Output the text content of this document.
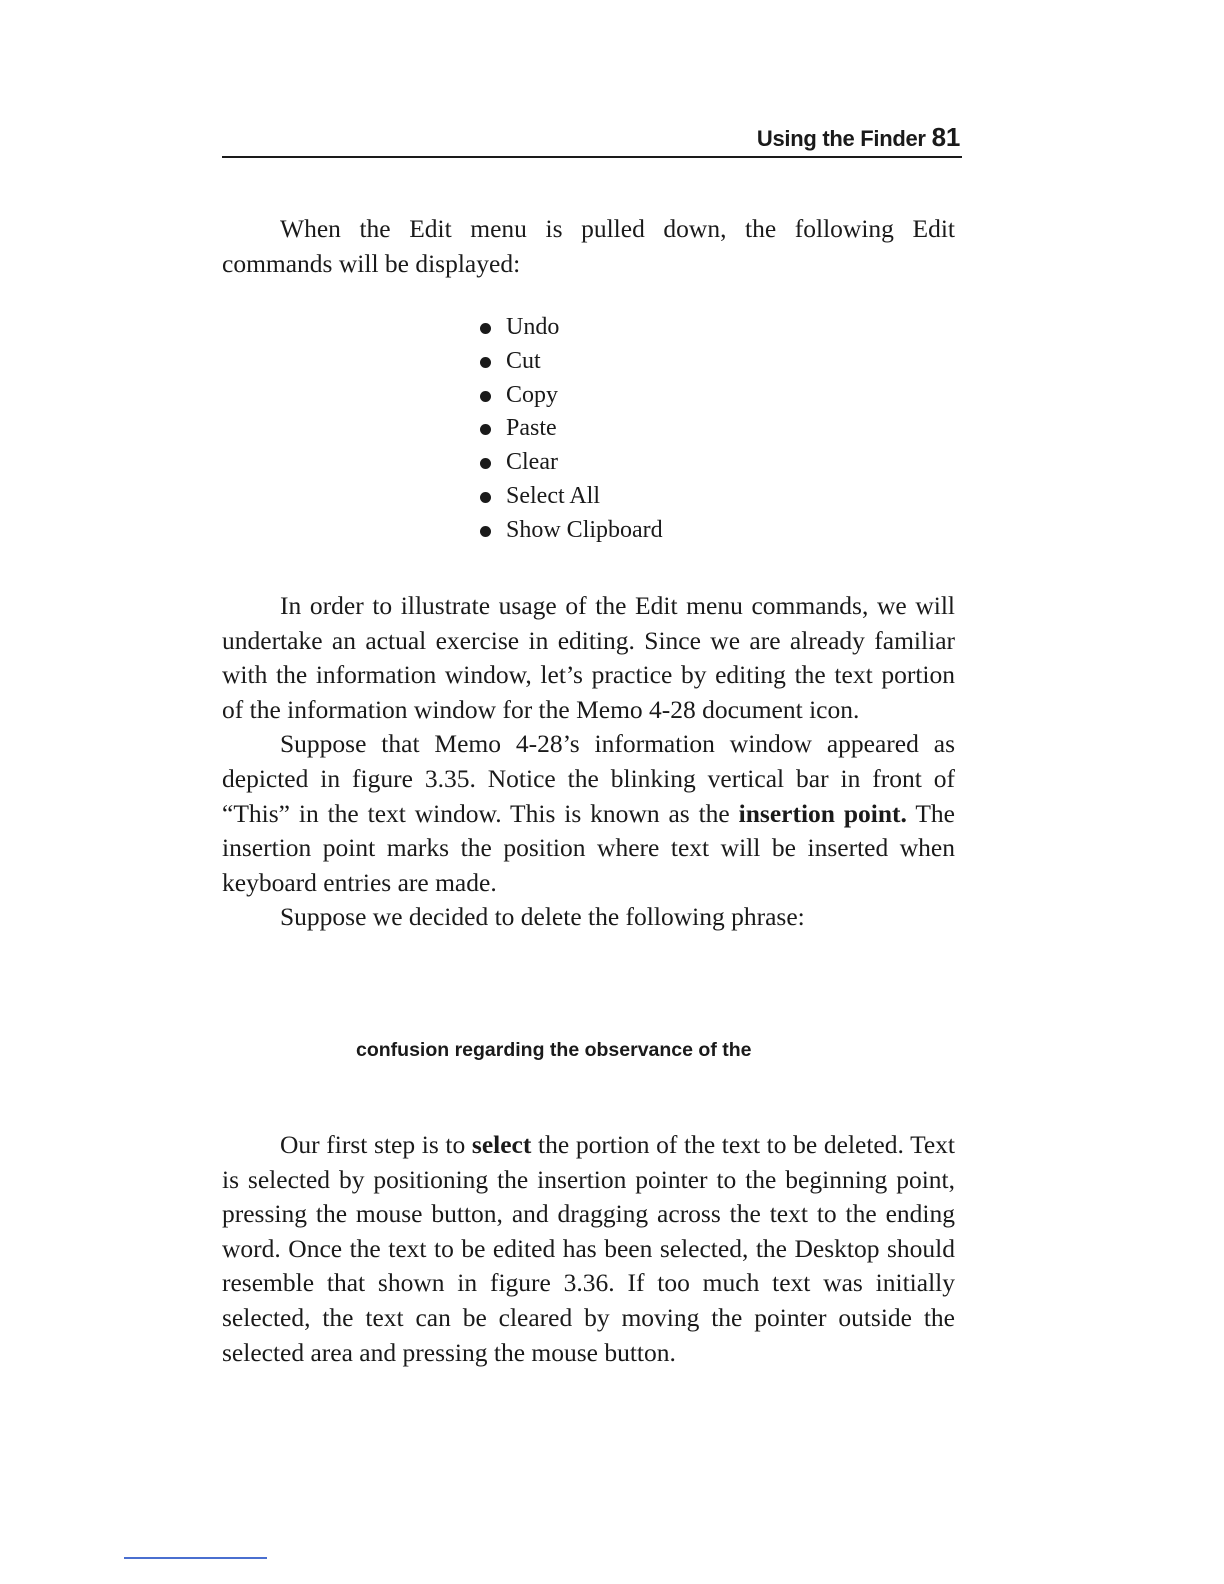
Using the Finder 81

When the Edit menu is pulled down, the following Edit commands will be displayed:

Undo
Cut
Copy
Paste
Clear
Select All
Show Clipboard

In order to illustrate usage of the Edit menu commands, we will undertake an actual exercise in editing. Since we are already familiar with the information window, let’s practice by editing the text portion of the information window for the Memo 4-28 document icon.

Suppose that Memo 4-28’s information window appeared as depicted in figure 3.35. Notice the blinking vertical bar in front of “This” in the text window. This is known as the insertion point. The insertion point marks the position where text will be inserted when keyboard entries are made.

Suppose we decided to delete the following phrase:

confusion regarding the observance of the

Our first step is to select the portion of the text to be deleted. Text is selected by positioning the insertion pointer to the beginning point, pressing the mouse button, and dragging across the text to the ending word. Once the text to be edited has been selected, the Desktop should resemble that shown in figure 3.36. If too much text was initially selected, the text can be cleared by moving the pointer outside the selected area and pressing the mouse button.
